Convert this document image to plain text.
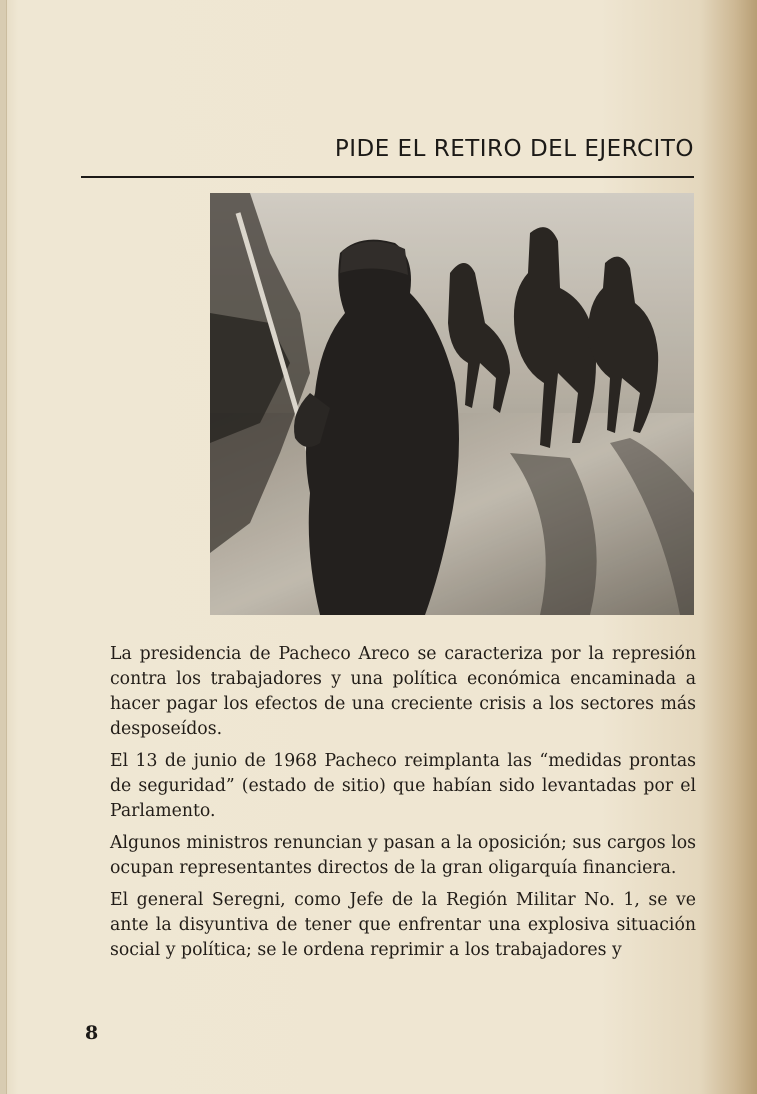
PIDE EL RETIRO DEL EJERCITO

La presidencia de Pacheco Areco se caracteriza por la represión contra los trabajadores y una política económica encaminada a hacer pagar los efectos de una creciente crisis a los sectores más desposeídos.

El 13 de junio de 1968 Pacheco reimplanta las “medidas prontas de seguridad” (estado de sitio) que habían sido levantadas por el Parlamento.

Algunos ministros renuncian y pasan a la oposición; sus cargos los ocupan representantes directos de la gran oligarquía financiera.

El general Seregni, como Jefe de la Región Militar No. 1, se ve ante la disyuntiva de tener que enfrentar una explosiva situación social y política; se le ordena reprimir a los trabajadores y

8
